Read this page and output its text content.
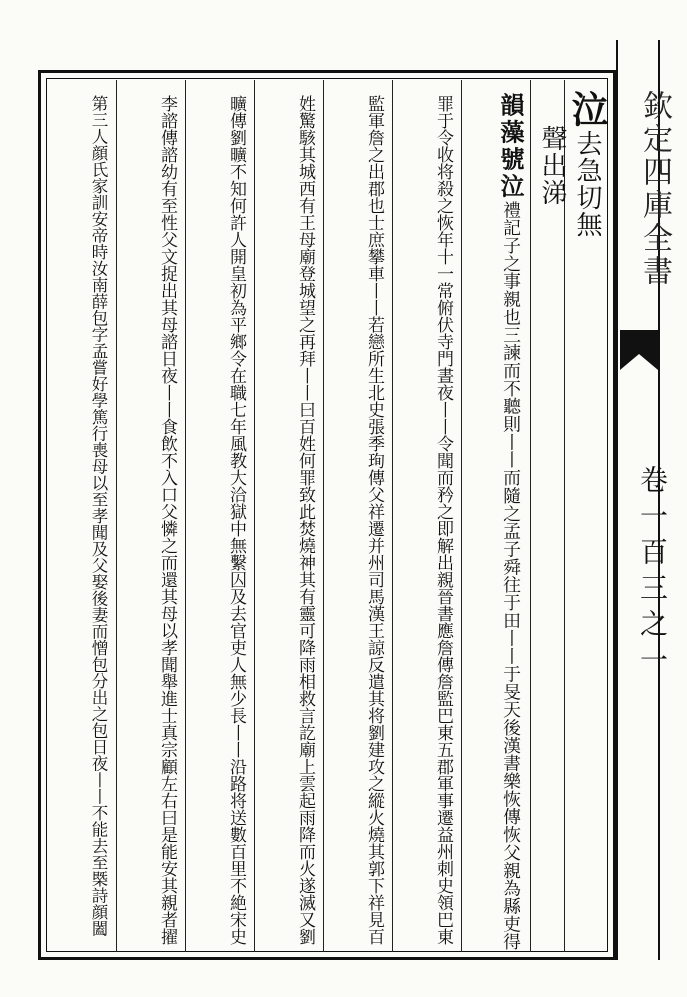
欽定四庫全書
卷一百三之一
泣去急切無
聲出涕
韻藻號泣禮記子之事親也三諫而不聽則丨丨而隨之孟子舜往于田丨丨于旻天後漢書樂恢傳恢父親為縣吏得
罪于令收将殺之恢年十一常俯伏寺門晝夜丨丨令聞而矜之即解出親晉書應詹傳詹監巴東五郡軍事遷益州刺史領巴東
監軍詹之出郡也士庶攀車丨丨若戀所生北史張季珣傳父祥遷并州司馬漢王諒反遣其将劉建攻之縱火燒其郭下祥見百
姓驚駭其城西有王母廟登城望之再拜丨丨曰百姓何罪致此焚燒神其有靈可降雨相救言訖廟上雲起雨降而火遂滅又劉
曠傳劉曠不知何許人開皇初為平鄉令在職七年風教大洽獄中無繫囚及去官吏人無少長丨丨沿路将送數百里不絶宋史
李諮傳諮幼有至性父文捉出其母諮日夜丨丨食飲不入口父憐之而還其母以孝聞舉進士真宗顧左右曰是能安其親者擢
第三人顔氏家訓安帝時汝南薛包字孟嘗好學篤行喪母以至孝聞及父娶後妻而憎包分出之包日夜丨丨不能去至槩詩顔闔
